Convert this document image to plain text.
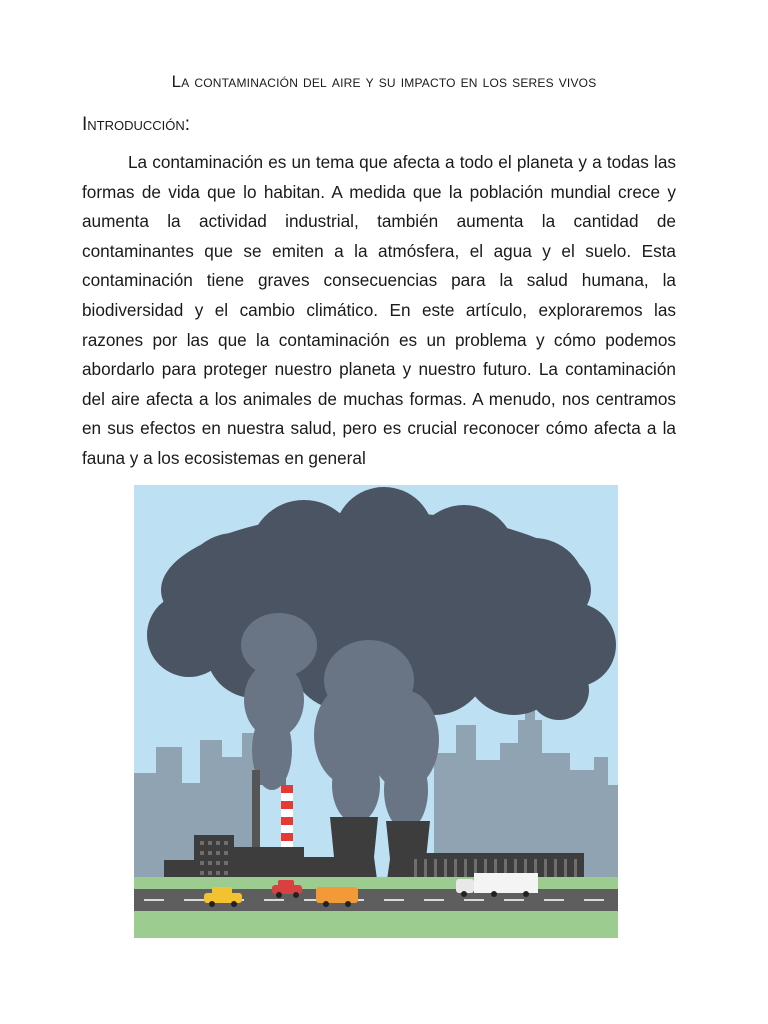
La contaminación del aire y su impacto en los seres vivos
Introducción:

La contaminación es un tema que afecta a todo el planeta y a todas las formas de vida que lo habitan. A medida que la población mundial crece y aumenta la actividad industrial, también aumenta la cantidad de contaminantes que se emiten a la atmósfera, el agua y el suelo. Esta contaminación tiene graves consecuencias para la salud humana, la biodiversidad y el cambio climático. En este artículo, exploraremos las razones por las que la contaminación es un problema y cómo podemos abordarlo para proteger nuestro planeta y nuestro futuro. La contaminación del aire afecta a los animales de muchas formas. A menudo, nos centramos en sus efectos en nuestra salud, pero es crucial reconocer cómo afecta a la fauna y a los ecosistemas en general
